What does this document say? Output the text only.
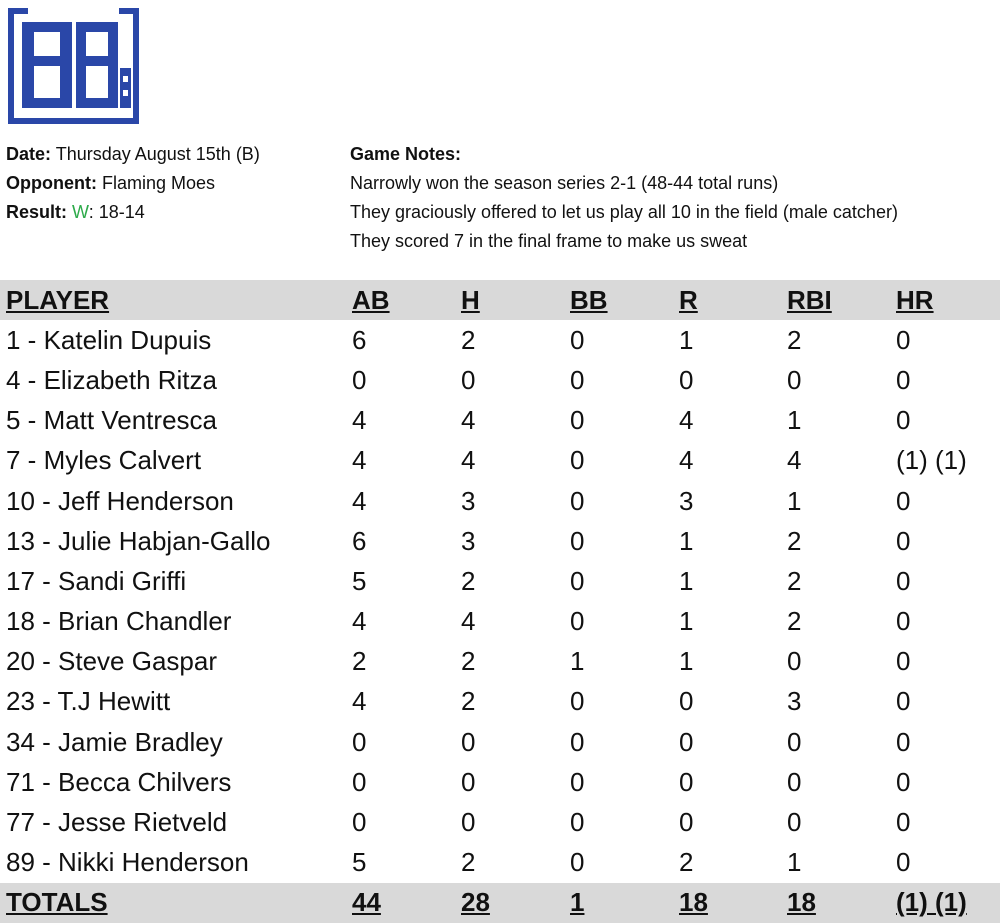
Date: Thursday August 15th (B)
Opponent: Flaming Moes
Result: W: 18-14
Game Notes:
Narrowly won the season series 2-1 (48-44 total runs)
They graciously offered to let us play all 10 in the field (male catcher)
They scored 7 in the final frame to make us sweat
PLAYER	AB	H	BB	R	RBI	HR
1 - Katelin Dupuis	6	2	0	1	2	0
4 - Elizabeth Ritza	0	0	0	0	0	0
5 - Matt Ventresca	4	4	0	4	1	0
7 - Myles Calvert	4	4	0	4	4	(1) (1)
10 - Jeff Henderson	4	3	0	3	1	0
13 - Julie Habjan-Gallo	6	3	0	1	2	0
17 - Sandi Griffi	5	2	0	1	2	0
18 - Brian Chandler	4	4	0	1	2	0
20 - Steve Gaspar	2	2	1	1	0	0
23 - T.J Hewitt	4	2	0	0	3	0
34 - Jamie Bradley	0	0	0	0	0	0
71 - Becca Chilvers	0	0	0	0	0	0
77 - Jesse Rietveld	0	0	0	0	0	0
89 - Nikki Henderson	5	2	0	2	1	0
TOTALS	44	28	1	18	18	(1) (1)
